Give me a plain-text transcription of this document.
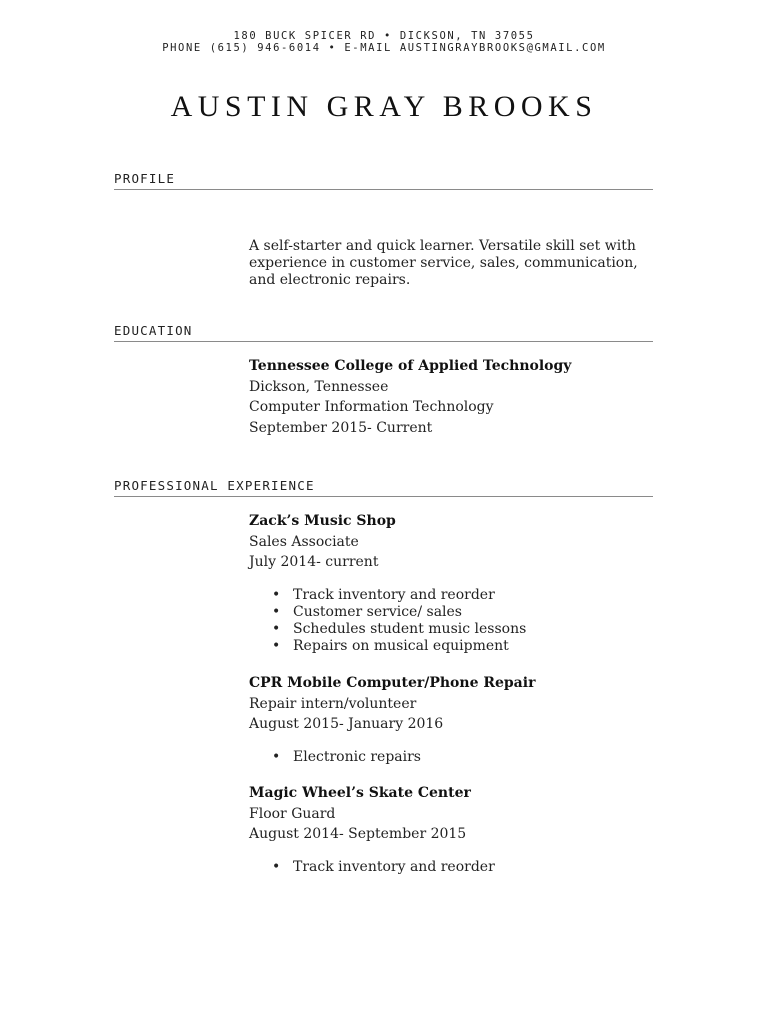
180 BUCK SPICER RD • DICKSON, TN 37055
PHONE (615) 946-6014 • E-MAIL AUSTINGRAYBROOKS@GMAIL.COM
AUSTIN GRAY BROOKS
PROFILE
A self-starter and quick learner. Versatile skill set with experience in customer service, sales, communication, and electronic repairs.
EDUCATION
Tennessee College of Applied Technology
Dickson, Tennessee
Computer Information Technology
September 2015- Current
PROFESSIONAL EXPERIENCE
Zack’s Music Shop
Sales Associate
July 2014- current
• Track inventory and reorder
• Customer service/ sales
• Schedules student music lessons
• Repairs on musical equipment
CPR Mobile Computer/Phone Repair
Repair intern/volunteer
August 2015- January 2016
• Electronic repairs
Magic Wheel’s Skate Center
Floor Guard
August 2014- September 2015
• Track inventory and reorder
